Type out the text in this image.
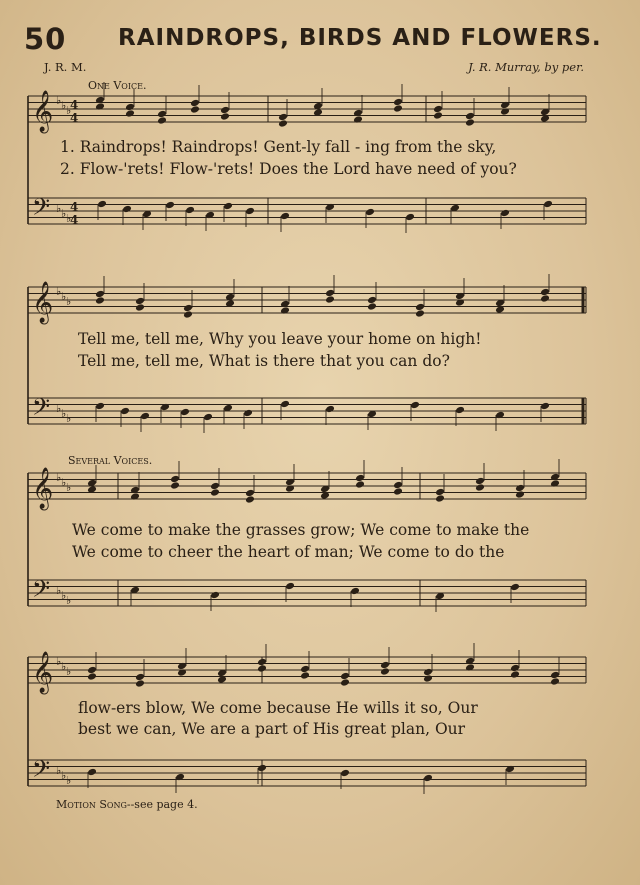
50 RAINDROPS, BIRDS AND FLOWERS.
J. R. M.	J. R. Murray, by per.
One Voice.
Several Voices.
1. Raindrops! Raindrops! Gent-ly fall - ing from the sky,
2. Flow-'rets! Flow-'rets! Does the Lord have need of you?
Tell me, tell me, Why you leave your home on high!
Tell me, tell me, What is there that you can do?
We come to make the grasses grow; We come to make the
We come to cheer the heart of man; We come to do the
flow-ers blow, We come because He wills it so, Our
best we can, We are a part of His great plan, Our
Motion Song--see page 4.
𝄞
𝄢
♭
♭
♭
♭
♭
♭
𝄞
𝄢
♭
♭
♭
♭
♭
♭
𝄞
𝄢
♭
♭
♭
♭
♭
♭
𝄞
𝄢
♭
♭
♭
♭
♭
♭
4
4
4
4
